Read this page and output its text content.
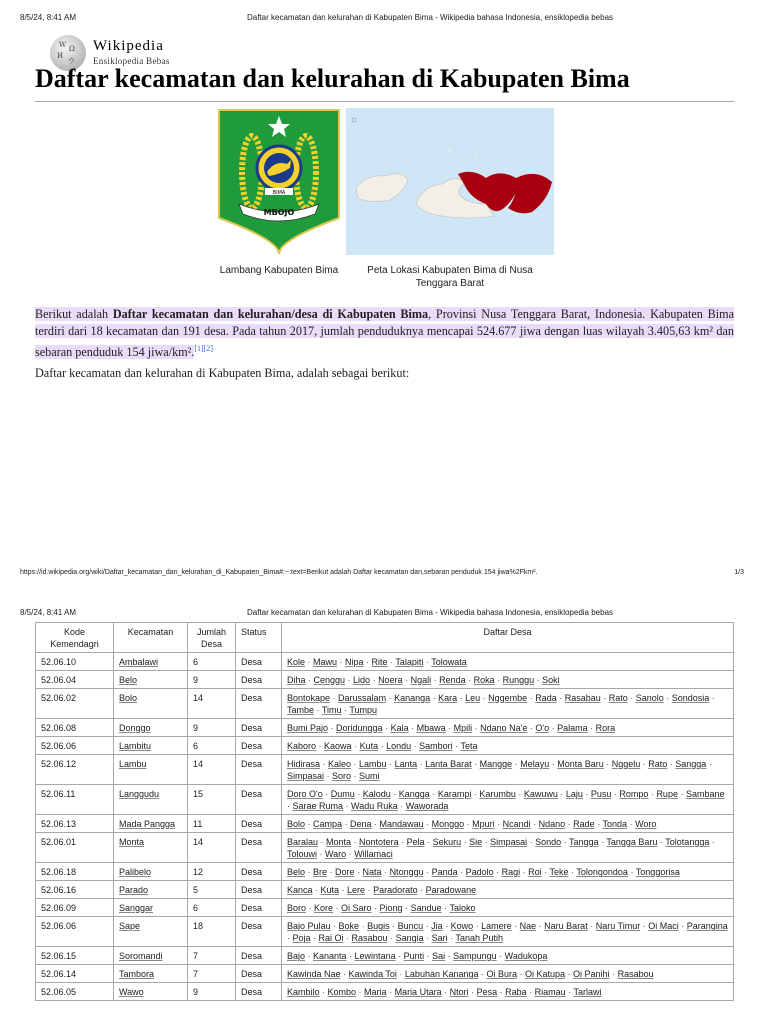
8/5/24, 8:41 AM	Daftar kecamatan dan kelurahan di Kabupaten Bima - Wikipedia bahasa Indonesia, ensiklopedia bebas
W Ω
И
ウ
Wikipedia
Ensiklopedia Bebas
Daftar kecamatan dan kelurahan di Kabupaten Bima
BIMA
MBOJO
Lambang Kabupaten Bima	Peta Lokasi Kabupaten Bima di Nusa Tenggara Barat
Berikut adalah Daftar kecamatan dan kelurahan/desa di Kabupaten Bima, Provinsi Nusa Tenggara Barat, Indonesia. Kabupaten Bima terdiri dari 18 kecamatan dan 191 desa. Pada tahun 2017, jumlah penduduknya mencapai 524.677 jiwa dengan luas wilayah 3.405,63 km² dan sebaran penduduk 154 jiwa/km².[1][2]
Daftar kecamatan dan kelurahan di Kabupaten Bima, adalah sebagai berikut:
https://id.wikipedia.org/wiki/Daftar_kecamatan_dan_kelurahan_di_Kabupaten_Bima#:~:text=Berikut adalah Daftar kecamatan dan,sebaran penduduk 154 jiwa%2Fkm².	1/3
8/5/24, 8:41 AM	Daftar kecamatan dan kelurahan di Kabupaten Bima - Wikipedia bahasa Indonesia, ensiklopedia bebas
Kode Kemendagri	Kecamatan	Jumlah Desa	Status	Daftar Desa
52.06.10	Ambalawi	6	Desa	Kole · Mawu · Nipa · Rite · Talapiti · Tolowata
52.06.04	Belo	9	Desa	Diha · Cenggu · Lido · Noera · Ngali · Renda · Roka · Runggu · Soki
52.06.02	Bolo	14	Desa	Bontokape · Darussalam · Kananga · Kara · Leu · Nggembe · Rada · Rasabau · Rato · Sanolo · Sondosia · Tambe · Timu · Tumpu
52.06.08	Donggo	9	Desa	Bumi Pajo · Doridungga · Kala · Mbawa · Mpili · Ndano Na'e · O'o · Palama · Rora
52.06.06	Lambitu	6	Desa	Kaboro · Kaowa · Kuta · Londu · Sambori · Teta
52.06.12	Lambu	14	Desa	Hidirasa · Kaleo · Lambu · Lanta · Lanta Barat · Mangge · Melayu · Monta Baru · Nggelu · Rato · Sangga · Simpasai · Soro · Sumi
52.06.11	Langgudu	15	Desa	Doro O'o · Dumu · Kalodu · Kangga · Karampi · Karumbu · Kawuwu · Laju · Pusu · Rompo · Rupe · Sambane · Sarae Ruma · Wadu Ruka · Waworada
52.06.13	Mada Pangga	11	Desa	Bolo · Campa · Dena · Mandawau · Monggo · Mpuri · Ncandi · Ndano · Rade · Tonda · Woro
52.06.01	Monta	14	Desa	Baralau · Monta · Nontotera · Pela · Sekuru · Sie · Simpasai · Sondo · Tangga · Tangga Baru · Tolotangga · Tolouwi · Waro · Willamaci
52.06.18	Palibelo	12	Desa	Belo · Bre · Dore · Nata · Ntonggu · Panda · Padolo · Ragi · Roi · Teke · Tolongondoa · Tonggorisa
52.06.16	Parado	5	Desa	Kanca · Kuta · Lere · Paradorato · Paradowane
52.06.09	Sanggar	6	Desa	Boro · Kore · Oi Saro · Piong · Sandue · Taloko
52.06.06	Sape	18	Desa	Bajo Pulau · Boke · Bugis · Buncu · Jia · Kowo · Lamere · Nae · Naru Barat · Naru Timur · Oi Maci · Parangina · Poja · Rai Oi · Rasabou · Sangia · Sari · Tanah Putih
52.06.15	Soromandi	7	Desa	Bajo · Kananta · Lewintana · Punti · Sai · Sampungu · Wadukopa
52.06.14	Tambora	7	Desa	Kawinda Nae · Kawinda Toi · Labuhan Kananga · Oi Bura · Oi Katupa · Oi Panihi · Rasabou
52.06.05	Wawo	9	Desa	Kambilo · Kombo · Maria · Maria Utara · Ntori · Pesa · Raba · Riamau · Tarlawi
